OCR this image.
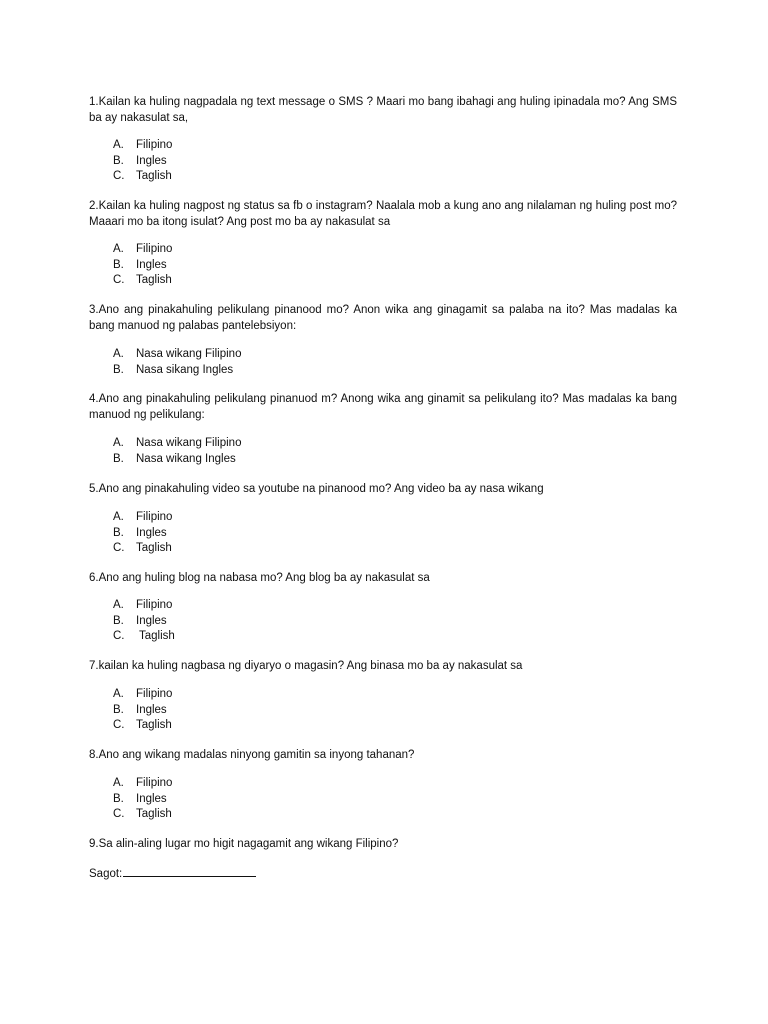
1.Kailan ka huling nagpadala ng text message o SMS ? Maari mo bang ibahagi ang huling ipinadala mo? Ang SMS ba ay nakasulat sa,

A.	Filipino
B.	Ingles
C.	Taglish

2.Kailan ka huling nagpost ng status sa fb o instagram? Naalala mob a kung ano ang nilalaman ng huling post mo? Maaari mo ba itong isulat? Ang post mo ba ay nakasulat sa

A.	Filipino
B.	Ingles
C.	Taglish

3.Ano ang pinakahuling pelikulang pinanood mo? Anon wika ang ginagamit sa palaba na ito? Mas madalas ka bang manuod ng palabas pantelebsiyon:

A.	Nasa wikang Filipino
B.	Nasa sikang Ingles

4.Ano ang pinakahuling pelikulang pinanuod m? Anong wika ang ginamit sa pelikulang ito? Mas madalas ka bang manuod ng pelikulang:

A.	Nasa wikang Filipino
B.	Nasa wikang Ingles

5.Ano ang pinakahuling video sa youtube na pinanood mo? Ang video ba ay nasa wikang

A.	Filipino
B.	Ingles
C.	Taglish

6.Ano ang huling blog na nabasa mo? Ang blog ba ay nakasulat sa

A.	Filipino
B.	Ingles
C.	Taglish

7.kailan ka huling nagbasa ng diyaryo o magasin? Ang binasa mo ba ay nakasulat sa

A.	Filipino
B.	Ingles
C.	Taglish

8.Ano ang wikang madalas ninyong gamitin sa inyong tahanan?

A.	Filipino
B.	Ingles
C.	Taglish

9.Sa alin-aling lugar mo higit nagagamit ang wikang Filipino?

Sagot:
